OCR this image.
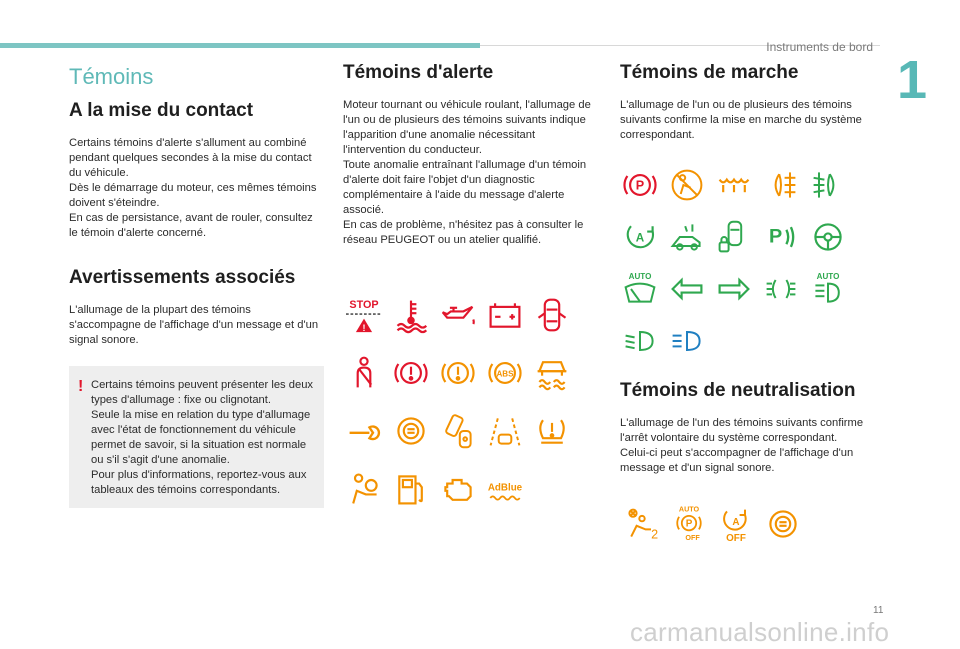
Instruments de bord
1
Témoins
A la mise du contact

Certains témoins d'alerte s'allument au combiné pendant quelques secondes à la mise du contact du véhicule.
Dès le démarrage du moteur, ces mêmes témoins doivent s'éteindre.
En cas de persistance, avant de rouler, consultez le témoin d'alerte concerné.

Avertissements associés

L'allumage de la plupart des témoins s'accompagne de l'affichage d'un message et d'un signal sonore.

! Certains témoins peuvent présenter les deux types d'allumage : fixe ou clignotant.
Seule la mise en relation du type d'allumage avec l'état de fonctionnement du véhicule permet de savoir, si la situation est normale ou s'il s'agit d'une anomalie.
Pour plus d'informations, reportez-vous aux tableaux des témoins correspondants.

Témoins d'alerte

Moteur tournant ou véhicule roulant, l'allumage de l'un ou de plusieurs des témoins suivants indique l'apparition d'une anomalie nécessitant l'intervention du conducteur.
Toute anomalie entraînant l'allumage d'un témoin d'alerte doit faire l'objet d'un diagnostic complémentaire à l'aide du message d'alerte associé.
En cas de problème, n'hésitez pas à consulter le réseau PEUGEOT ou un atelier qualifié.

STOP
!
ABS
AdBlue
Témoins de marche

L'allumage de l'un ou de plusieurs des témoins suivants confirme la mise en marche du système correspondant.

P
A	P
AUTO	AUTO
Témoins de neutralisation

L'allumage de l'un des témoins suivants confirme l'arrêt volontaire du système correspondant.
Celui-ci peut s'accompagner de l'affichage d'un message et d'un signal sonore.

2
AUTO
P
OFF
A
OFF
11
carmanualsonline.info
